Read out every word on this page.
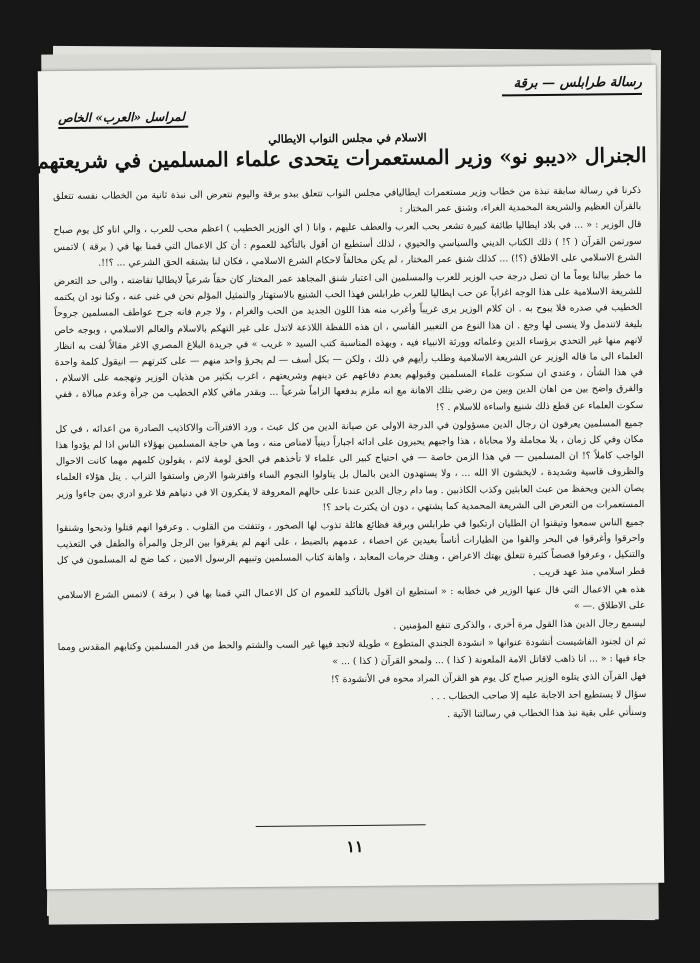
رسالة طرابلس — برقة
لمراسل «العرب» الخاص
الاسلام في مجلس النواب الايطالي
الجنرال «ديبو نو» وزير المستعمرات يتحدى علماء المسلمين في شريعتهم

ذكرنا في رسالة سابقة نبذة من خطاب وزير مستعمرات ايطاليافي مجلس النواب تتعلق ببدو برقة واليوم نتعرض الى نبذة ثانية من الخطاب نفسه تتعلق بالقرآن العظيم والشريعة المحمدية الغراء، وشنق عمر المختار :

قال الوزير : « ... في بلاد ايطاليا طائفة كبيرة تشعر بحب العرب والعطف عليهم ، وانا ( اي الوزير الخطيب ) اعظم محب للعرب ، والي اناو كل يوم صباح سورتمن القرآن ( ؟! ) ذلك الكتاب الديني والسياسي والحيوي ، لذلك أستطيع ان أقول بالتأكيد للعموم : أن كل الاعمال التي قمنا بها في ( برقة ) لاتمس الشرع الاسلامي على الاطلاق (؟!) ... كذلك شنق عمر المختار ، لم يكن مخالفاً لاحكام الشرع الاسلامي ، فكان لنا بشنقه الحق الشرعي ... ؟!!.

ما خطر ببالنا يوماً ما ان تصل درجة حب الوزير للعرب والمسلمين الى اعتبار شنق المجاهد عمر المختار كان حقاً شرعياً لايطاليا تقاضته ، والى حد التعرض للشريعة الاسلامية على هذا الوجه اغراباً عن حب ايطاليا للعرب طرابلس فهذا الحب الشنيع بالاستهتار والتمثيل المؤلم نحن في غنى عنه ، وكنا نود ان يكتمه الخطيب في صدره فلا يبوح به . ان كلام الوزير يرى غريباً وأغرب منه هذا اللون الجديد من الحب والغرام ، ولا جرم فانه جرح عواطف المسلمين جروحاً بليغة لاتندمل ولا ينسى لها وجع . ان هذا النوع من التعبير القاسي ، ان هذه اللفظة اللاذعة لاتدل على غير التهكم بالاسلام والعالم الاسلامي ، وبوجه خاص لانهم منها غير التحدي برؤساء الدين وعلمائه وورثة الانبياء فيه ، وبهذه المناسبة كتب السيد « غريب » في جريدة البلاغ المصري الاغر مقالاً لفت به انظار العلماء الى ما قاله الوزير عن الشريعة الاسلامية وطلب رأيهم في ذلك ، ولكن — بكل أسف — لم يجرؤ واحد منهم — على كثرتهم — انيقول كلمة واحدة في هذا الشأن ، وعندي ان سكوت علماء المسلمين وقبولهم بعدم دفاعهم عن دينهم وشريعتهم ، اغرب بكثير من هذيان الوزير وتهجمه على الاسلام ، والفرق واضح بين من اهان الدين وبين من رضي بتلك الاهانة مع انه ملزم بدفعها الزاماً شرعياً ... وبقدر مافي كلام الخطيب من جرأة وعدم مبالاة ، ففي سكوت العلماء عن قطع ذلك شنيع واساءة للاسلام . ؟!

جميع المسلمين يعرفون ان رجال الدين مسؤولون في الدرجة الاولى عن صيانة الدين من كل عبث ، ورد الافتراآت والاكاذيب الصادرة من اعدائه ، في كل مكان وفي كل زمان ، بلا مجاملة ولا محاباة ، هذا واجبهم يحبرون على ادائه اجباراً دينياً لامناص منه ، وما هي حاجة المسلمين بهؤلاء الناس اذا لم يؤدوا هذا الواجب كاملاً ؟! ان المسلمين — في هذا الزمن خاصة — في احتياج كبير الى علماء لا تأخذهم في الحق لومة لائم ، يقولون كلمهم مهما كانت الاحوال والظروف قاسية وشديدة ، لايخشون الا الله ... ، ولا يستهدون الدين بالمال بل يتاولوا النجوم الساء وافترشوا الارض واستفوا التراب . يتل هؤلاء العلماء يصان الدين ويحفظ من عبث العابثين وكذب الكاذبين . وما دام رجال الدين عندنا على حالهم المعروفة لا يفكرون الا في دنياهم فلا غرو ادري بمن جاءوا وزير المستعمرات من التعرض الى الشريعة المحمدية كما يشتهي ، دون ان يكترث باحد ؟!

جميع الناس سمعوا وتيقنوا ان الطليان ارتكبوا في طرابلس وبرقة فظائع هائلة تذوب لها الصخور ، وتتفتت من القلوب . وعرفوا انهم قتلوا وذبحوا وشنقوا واحرقوا وأغرقوا في البحر والقوا من الطيارات أناساً بعيدين عن احصاء ، عدمهم بالضبط ، على انهم لم يفرقوا بين الرجل والمرأة والطفل في التعذيب والتنكيل ، وعرفوا قصصاً كثيرة تتعلق بهتك الاعراض ، وهتك حرمات المعابد ، واهانة كتاب المسلمين وتبيهم الرسول الامين ، كما ضج له المسلمون في كل قطر اسلامي منذ عهد قريب .

هذه هي الاعمال التي قال عنها الوزير في خطابه : « استطيع ان اقول بالتأكيد للعموم ان كل الاعمال التي قمنا بها في ( برقة ) لاتمس الشرع الاسلامي على الاطلاق .— »

ليسمع رجال الدين هذا القول مرة أخرى ، والذكرى تنفع المؤمنين .

ثم ان لجنود الفاشيست أنشودة عنوانها « انشودة الجندي المتطوع » طويلة لانجد فيها غير السب والشتم والحط من قدر المسلمين وكتابهم المقدس ومما جاء فيها : « ... انا ذاهب لاقاتل الامة الملعونة ( كذا ) ... ولمحو القرآن ( كذا ) ... »

فهل القرآن الذي يتلوه الوزير صباح كل يوم هو القرآن المراد محوه في الأنشودة ؟!

سؤال لا يستطيع احد الاجابة عليه إلا صاحب الخطاب . . .

وسنأتي على بقية نبذ هذا الخطاب في رسالتنا الآتية .

١١
